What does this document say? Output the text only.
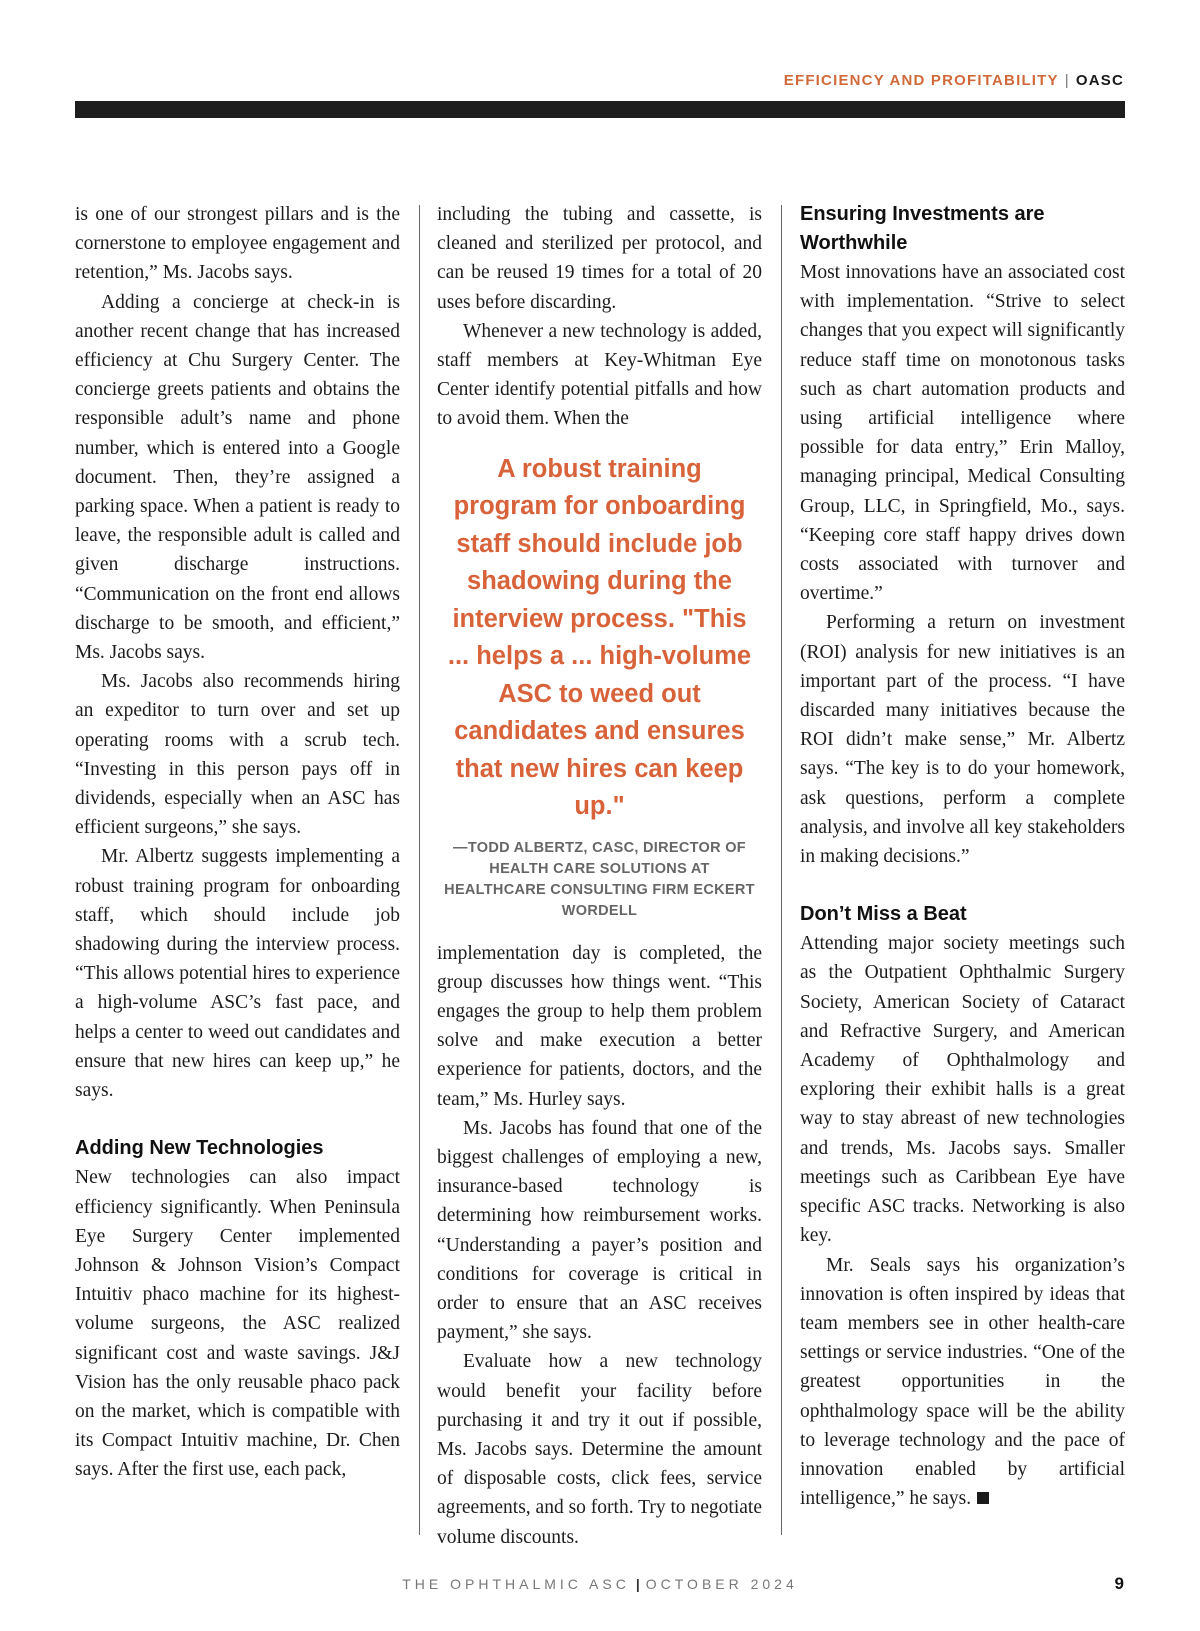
EFFICIENCY AND PROFITABILITY | OASC

is one of our strongest pillars and is the cornerstone to employee engagement and retention,” Ms. Jacobs says.

Adding a concierge at check-in is another recent change that has increased efficiency at Chu Surgery Center. The concierge greets patients and obtains the responsible adult’s name and phone number, which is entered into a Google document. Then, they’re assigned a parking space. When a patient is ready to leave, the responsible adult is called and given discharge instructions. “Communication on the front end allows discharge to be smooth, and efficient,” Ms. Jacobs says.

Ms. Jacobs also recommends hiring an expeditor to turn over and set up operating rooms with a scrub tech. “Investing in this person pays off in dividends, especially when an ASC has efficient surgeons,” she says.

Mr. Albertz suggests implementing a robust training program for onboarding staff, which should include job shadowing during the interview process. “This allows potential hires to experience a high-volume ASC’s fast pace, and helps a center to weed out candidates and ensure that new hires can keep up,” he says.

Adding New Technologies

New technologies can also impact efficiency significantly. When Peninsula Eye Surgery Center implemented Johnson & Johnson Vision’s Compact Intuitiv phaco machine for its highest-volume surgeons, the ASC realized significant cost and waste savings. J&J Vision has the only reusable phaco pack on the market, which is compatible with its Compact Intuitiv machine, Dr. Chen says. After the first use, each pack,

including the tubing and cassette, is cleaned and sterilized per protocol, and can be reused 19 times for a total of 20 uses before discarding.

Whenever a new technology is added, staff members at Key-Whitman Eye Center identify potential pitfalls and how to avoid them. When the

A robust training program for onboarding staff should include job shadowing during the interview process. "This ... helps a ... high-volume ASC to weed out candidates and ensures that new hires can keep up."
—TODD ALBERTZ, CASC, DIRECTOR OF HEALTH CARE SOLUTIONS AT HEALTHCARE CONSULTING FIRM ECKERT WORDELL

implementation day is completed, the group discusses how things went. “This engages the group to help them problem solve and make execution a better experience for patients, doctors, and the team,” Ms. Hurley says.

Ms. Jacobs has found that one of the biggest challenges of employing a new, insurance-based technology is determining how reimbursement works. “Understanding a payer’s position and conditions for coverage is critical in order to ensure that an ASC receives payment,” she says.

Evaluate how a new technology would benefit your facility before purchasing it and try it out if possible, Ms. Jacobs says. Determine the amount of disposable costs, click fees, service agreements, and so forth. Try to negotiate volume discounts.

Ensuring Investments are Worthwhile

Most innovations have an associated cost with implementation. “Strive to select changes that you expect will significantly reduce staff time on monotonous tasks such as chart automation products and using artificial intelligence where possible for data entry,” Erin Malloy, managing principal, Medical Consulting Group, LLC, in Springfield, Mo., says. “Keeping core staff happy drives down costs associated with turnover and overtime.”

Performing a return on investment (ROI) analysis for new initiatives is an important part of the process. “I have discarded many initiatives because the ROI didn’t make sense,” Mr. Albertz says. “The key is to do your homework, ask questions, perform a complete analysis, and involve all key stakeholders in making decisions.”

Don’t Miss a Beat

Attending major society meetings such as the Outpatient Ophthalmic Surgery Society, American Society of Cataract and Refractive Surgery, and American Academy of Ophthalmology and exploring their exhibit halls is a great way to stay abreast of new technologies and trends, Ms. Jacobs says. Smaller meetings such as Caribbean Eye have specific ASC tracks. Networking is also key.

Mr. Seals says his organization’s innovation is often inspired by ideas that team members see in other health-care settings or service industries. “One of the greatest opportunities in the ophthalmology space will be the ability to leverage technology and the pace of innovation enabled by artificial intelligence,” he says.

THE OPHTHALMIC ASC | OCTOBER 2024	9
